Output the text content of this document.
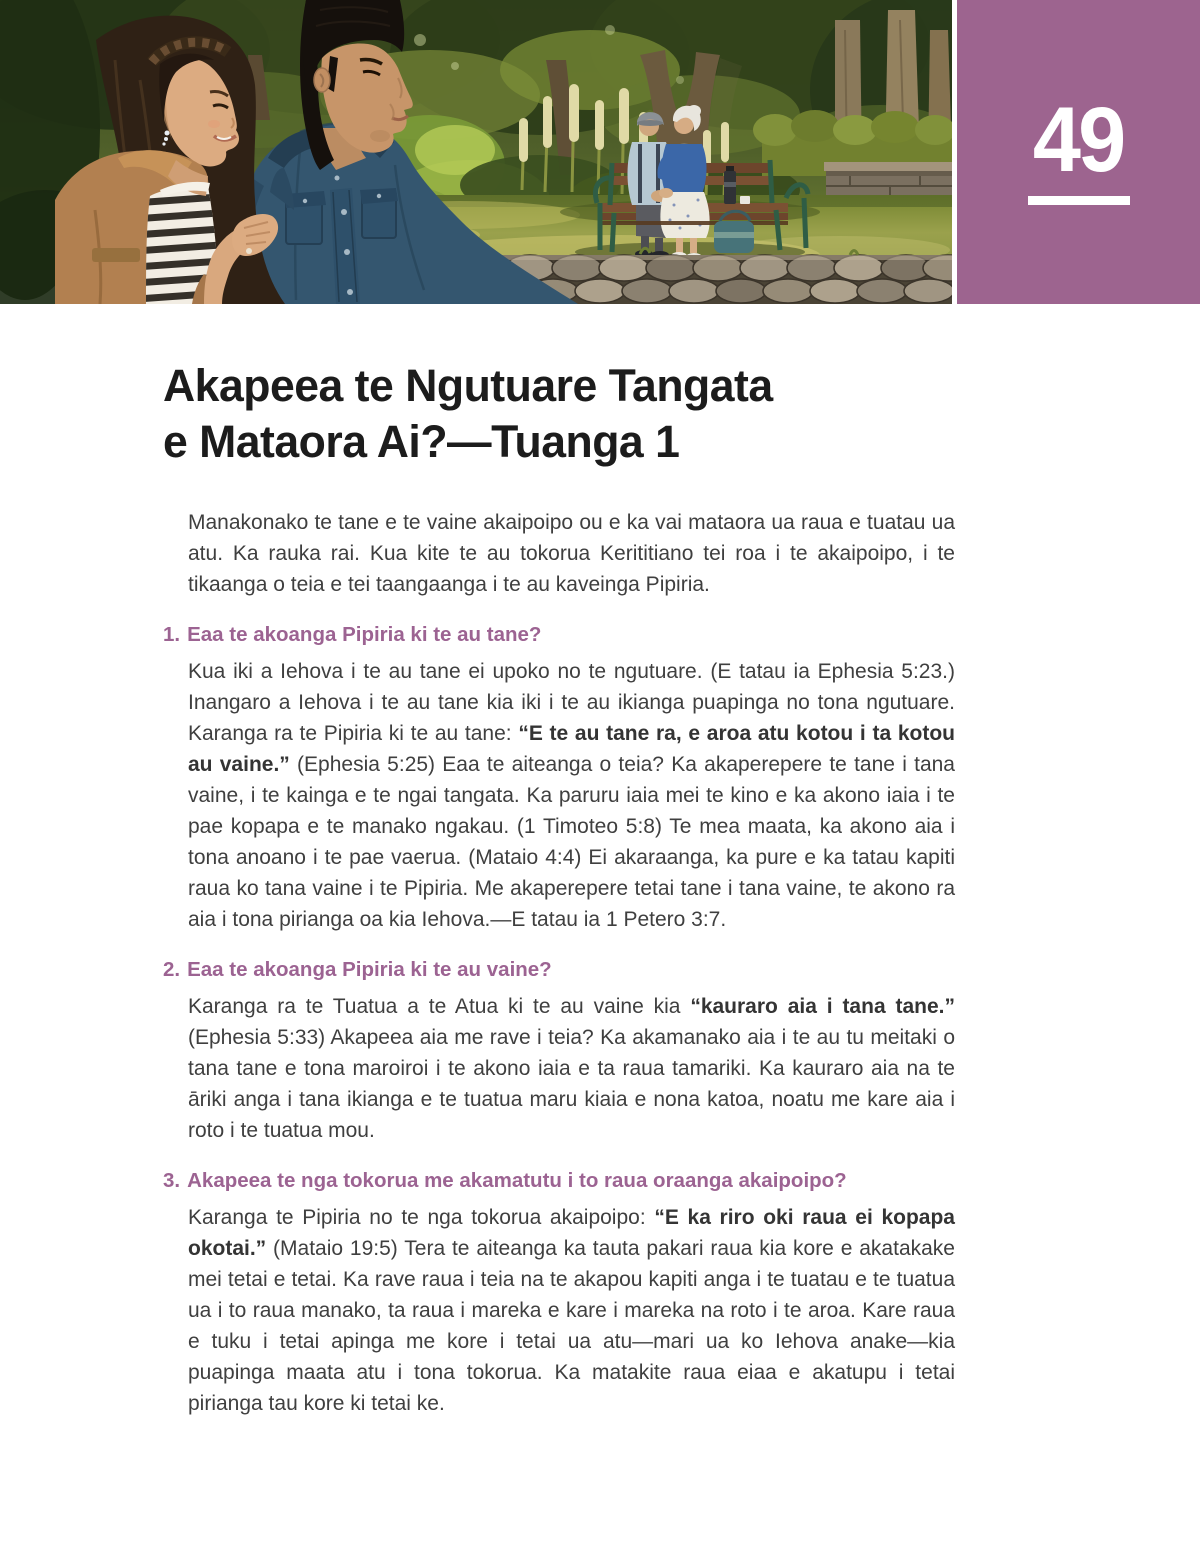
49
Akapeea te Ngutuare Tangata
e Mataora Ai?—Tuanga 1

Manakonako te tane e te vaine akaipoipo ou e ka vai mataora ua raua e tuatau ua atu. Ka rauka rai. Kua kite te au tokorua Kerititiano tei roa i te akaipoipo, i te tikaanga o teia e tei taangaanga i te au kaveinga Pipiria.

1. Eaa te akoanga Pipiria ki te au tane?

Kua iki a Iehova i te au tane ei upoko no te ngutuare. (E tatau ia Ephesia 5:23.) Inangaro a Iehova i te au tane kia iki i te au ikianga puapinga no tona ngutuare. Karanga ra te Pipiria ki te au tane: “E te au tane ra, e aroa atu kotou i ta kotou au vaine.” (Ephesia 5:25) Eaa te aiteanga o teia? Ka akaperepere te tane i tana vaine, i te kainga e te ngai tangata. Ka paruru iaia mei te kino e ka akono iaia i te pae kopapa e te manako ngakau. (1 Timoteo 5:8) Te mea maata, ka akono aia i tona anoano i te pae vaerua. (Mataio 4:4) Ei akaraanga, ka pure e ka tatau kapiti raua ko tana vaine i te Pipiria. Me akaperepere tetai tane i tana vaine, te akono ra aia i tona pirianga oa kia Iehova.—E tatau ia 1 Petero 3:7.

2. Eaa te akoanga Pipiria ki te au vaine?

Karanga ra te Tuatua a te Atua ki te au vaine kia “kauraro aia i tana tane.” (Ephesia 5:33) Akapeea aia me rave i teia? Ka akamanako aia i te au tu meitaki o tana tane e tona maroiroi i te akono iaia e ta raua tamariki. Ka kauraro aia na te āriki anga i tana ikianga e te tuatua maru kiaia e nona katoa, noatu me kare aia i roto i te tuatua mou.

3. Akapeea te nga tokorua me akamatutu i to raua oraanga akaipoipo?

Karanga te Pipiria no te nga tokorua akaipoipo: “E ka riro oki raua ei kopapa okotai.” (Mataio 19:5) Tera te aiteanga ka tauta pakari raua kia kore e akatakake mei tetai e tetai. Ka rave raua i teia na te akapou kapiti anga i te tuatau e te tuatua ua i to raua manako, ta raua i mareka e kare i mareka na roto i te aroa. Kare raua e tuku i tetai apinga me kore i tetai ua atu—mari ua ko Iehova anake—kia puapinga maata atu i tona tokorua. Ka matakite raua eiaa e akatupu i tetai pirianga tau kore ki tetai ke.
